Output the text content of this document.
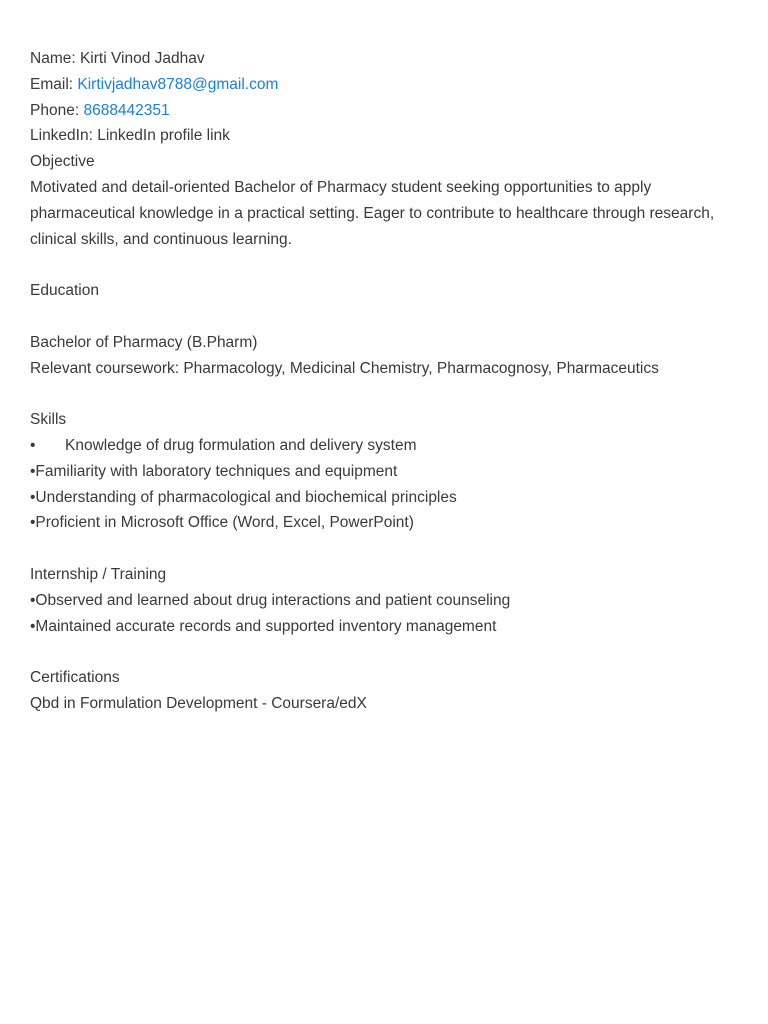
Name: Kirti Vinod Jadhav
Email: Kirtivjadhav8788@gmail.com
Phone: 8688442351
LinkedIn: LinkedIn profile link
Objective
Motivated and detail-oriented Bachelor of Pharmacy student seeking opportunities to apply pharmaceutical knowledge in a practical setting. Eager to contribute to healthcare through research, clinical skills, and continuous learning.
Education
Bachelor of Pharmacy (B.Pharm)
Relevant coursework: Pharmacology, Medicinal Chemistry, Pharmacognosy, Pharmaceutics
Skills
• Knowledge of drug formulation and delivery system
•Familiarity with laboratory techniques and equipment
•Understanding of pharmacological and biochemical principles
•Proficient in Microsoft Office (Word, Excel, PowerPoint)
Internship / Training
•Observed and learned about drug interactions and patient counseling
•Maintained accurate records and supported inventory management
Certifications
Qbd in Formulation Development - Coursera/edX
